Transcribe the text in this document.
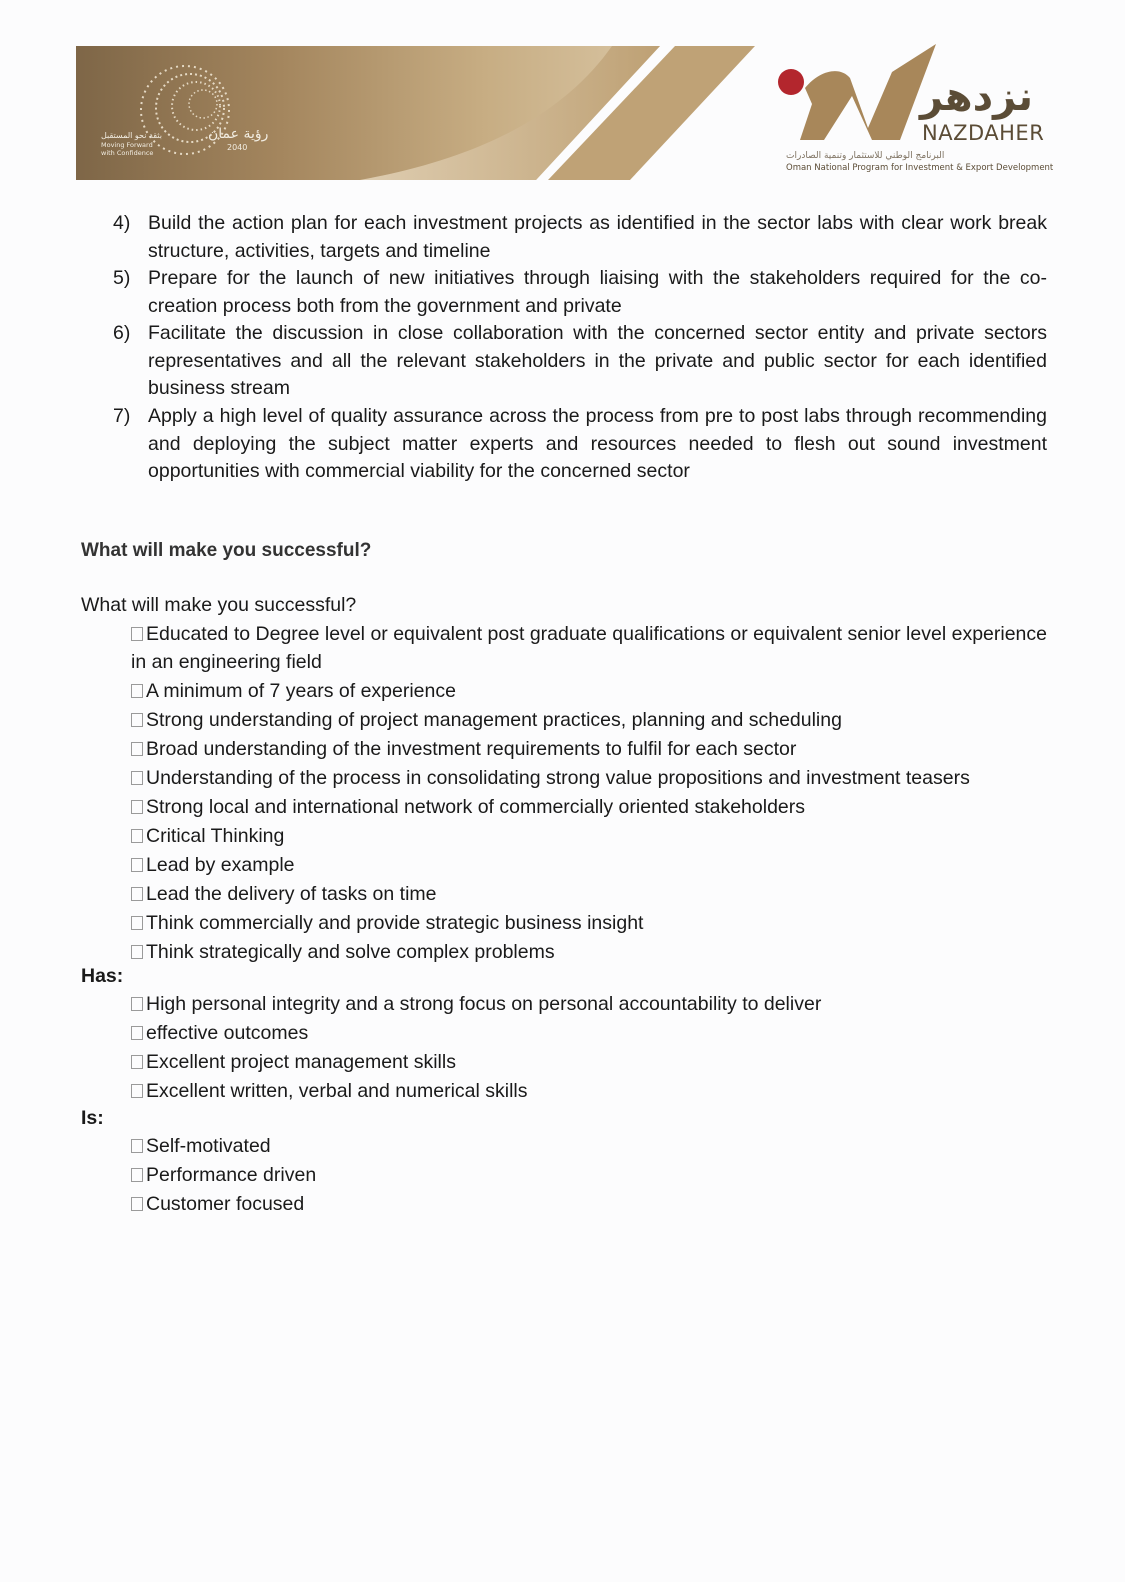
نزدهر
NAZDAHER
البرنامج الوطني للاستثمار وتنمية الصادرات
Oman National Program for Investment & Export Development
رؤية عمان
2040
بثقة نحو المستقبل
Moving Forward
with Confidence
4) Build the action plan for each investment projects as identified in the sector labs with clear work break structure, activities, targets and timeline
5) Prepare for the launch of new initiatives through liaising with the stakeholders required for the co-creation process both from the government and private
6) Facilitate the discussion in close collaboration with the concerned sector entity and private sectors representatives and all the relevant stakeholders in the private and public sector for each identified business stream
7) Apply a high level of quality assurance across the process from pre to post labs through recommending and deploying the subject matter experts and resources needed to flesh out sound investment opportunities with commercial viability for the concerned sector
What will make you successful?
What will make you successful?
Educated to Degree level or equivalent post graduate qualifications or equivalent senior level experience in an engineering field
A minimum of 7 years of experience
Strong understanding of project management practices, planning and scheduling
Broad understanding of the investment requirements to fulfil for each sector
Understanding of the process in consolidating strong value propositions and investment teasers
Strong local and international network of commercially oriented stakeholders
Critical Thinking
Lead by example
Lead the delivery of tasks on time
Think commercially and provide strategic business insight
Think strategically and solve complex problems
Has:
High personal integrity and a strong focus on personal accountability to deliver
effective outcomes
Excellent project management skills
Excellent written, verbal and numerical skills
Is:
Self-motivated
Performance driven
Customer focused
